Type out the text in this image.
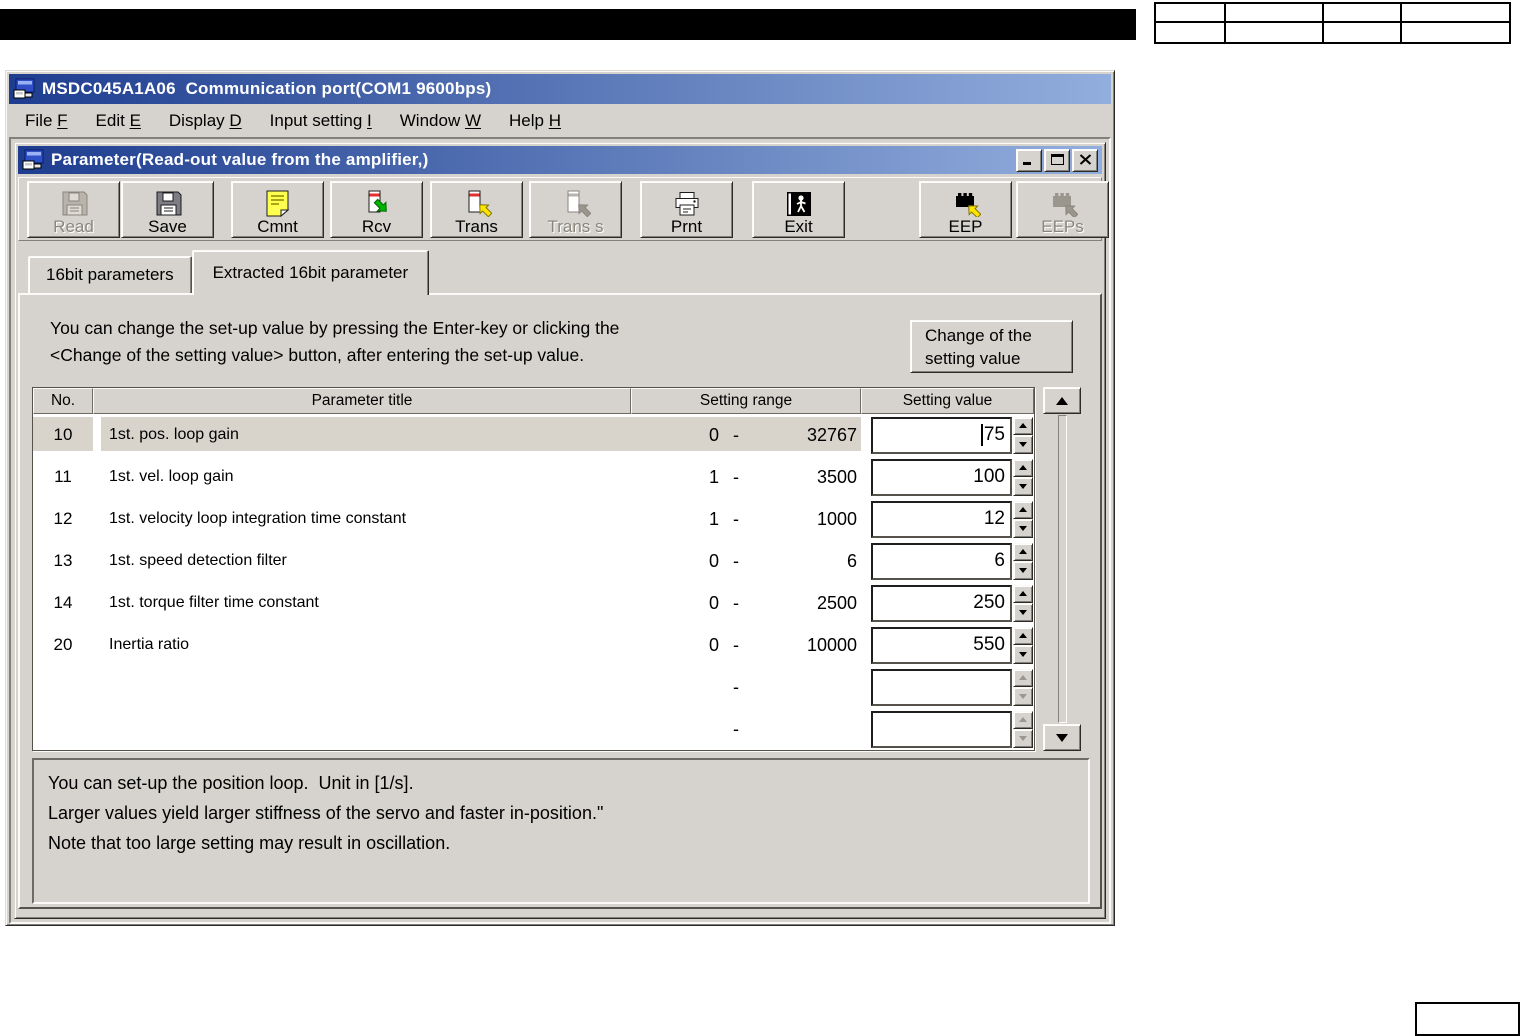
MSDC045A1A06  Communication port(COM1 9600bps)
File F	Edit E	Display D	Input setting I	Window W	Help H
Parameter(Read-out value from the amplifier,)
Read	Save	Cmnt	Rcv	Trans	Trans s	Prnt	Exit	EEP	EEPs
16bit parameters Extracted 16bit parameter
You can change the set-up value by pressing the Enter-key or clicking the
<Change of the setting value> button, after entering the set-up value.
Change of the
setting value
No.	Parameter title	Setting range	Setting value
10	1st. pos. loop gain	0 -	32767	75
11	1st. vel. loop gain	1 -	3500	100
12	1st. velocity loop integration time constant	1 -	1000	12
13	1st. speed detection filter	0 -	6	6
14	1st. torque filter time constant	0 -	2500	250
20	Inertia ratio	0 -	10000	550
-
-
You can set-up the position loop.  Unit in [1/s].
Larger values yield larger stiffness of the servo and faster in-position."
Note that too large setting may result in oscillation.
